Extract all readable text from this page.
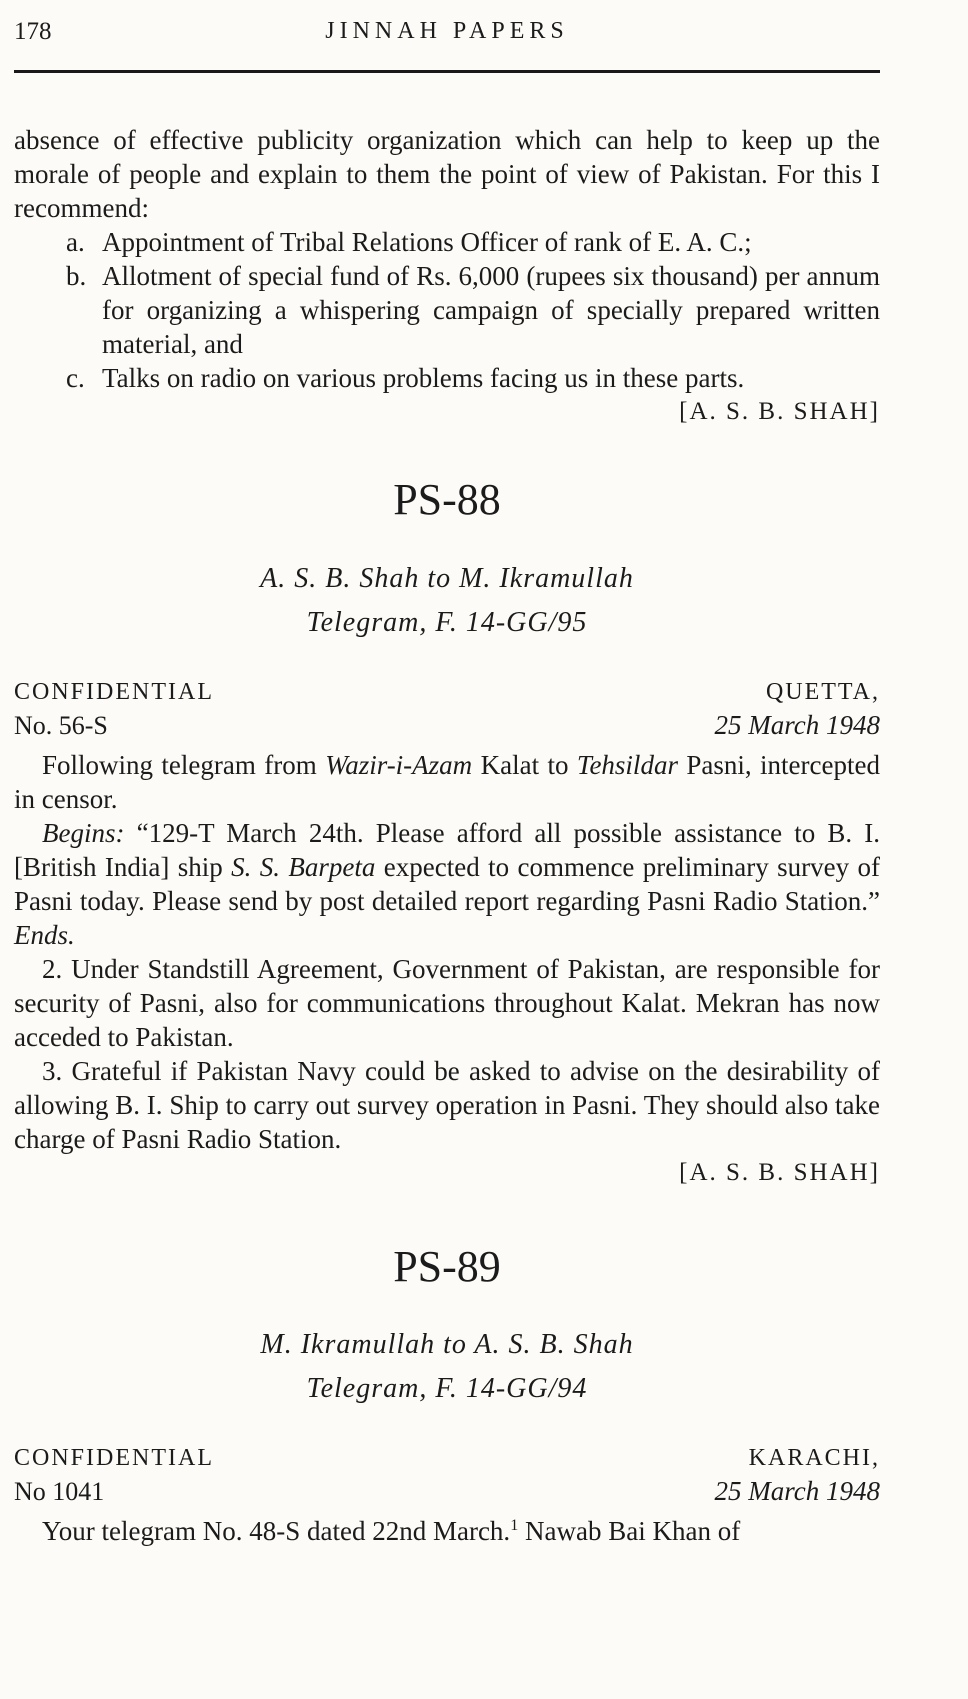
178	JINNAH PAPERS

absence of effective publicity organization which can help to keep up the morale of people and explain to them the point of view of Pakistan. For this I recommend:

a. Appointment of Tribal Relations Officer of rank of E. A. C.;
b. Allotment of special fund of Rs. 6,000 (rupees six thousand) per annum for organizing a whispering campaign of specially prepared written material, and
c. Talks on radio on various problems facing us in these parts.
[A. S. B. SHAH]
PS-88
A. S. B. Shah to M. Ikramullah
Telegram, F. 14-GG/95
CONFIDENTIAL	QUETTA,
No. 56-S	25 March 1948

Following telegram from Wazir-i-Azam Kalat to Tehsildar Pasni, intercepted in censor.

Begins: “129-T March 24th. Please afford all possible assistance to B. I.[British India] ship S. S. Barpeta expected to commence preliminary survey of Pasni today. Please send by post detailed report regarding Pasni Radio Station.” Ends.

2. Under Standstill Agreement, Government of Pakistan, are responsible for security of Pasni, also for communications throughout Kalat. Mekran has now acceded to Pakistan.

3. Grateful if Pakistan Navy could be asked to advise on the desirability of allowing B. I. Ship to carry out survey operation in Pasni. They should also take charge of Pasni Radio Station.

[A. S. B. SHAH]
PS-89
M. Ikramullah to A. S. B. Shah
Telegram, F. 14-GG/94
CONFIDENTIAL	KARACHI,
No 1041	25 March 1948

Your telegram No. 48-S dated 22nd March.$^1$ Nawab Bai Khan of
